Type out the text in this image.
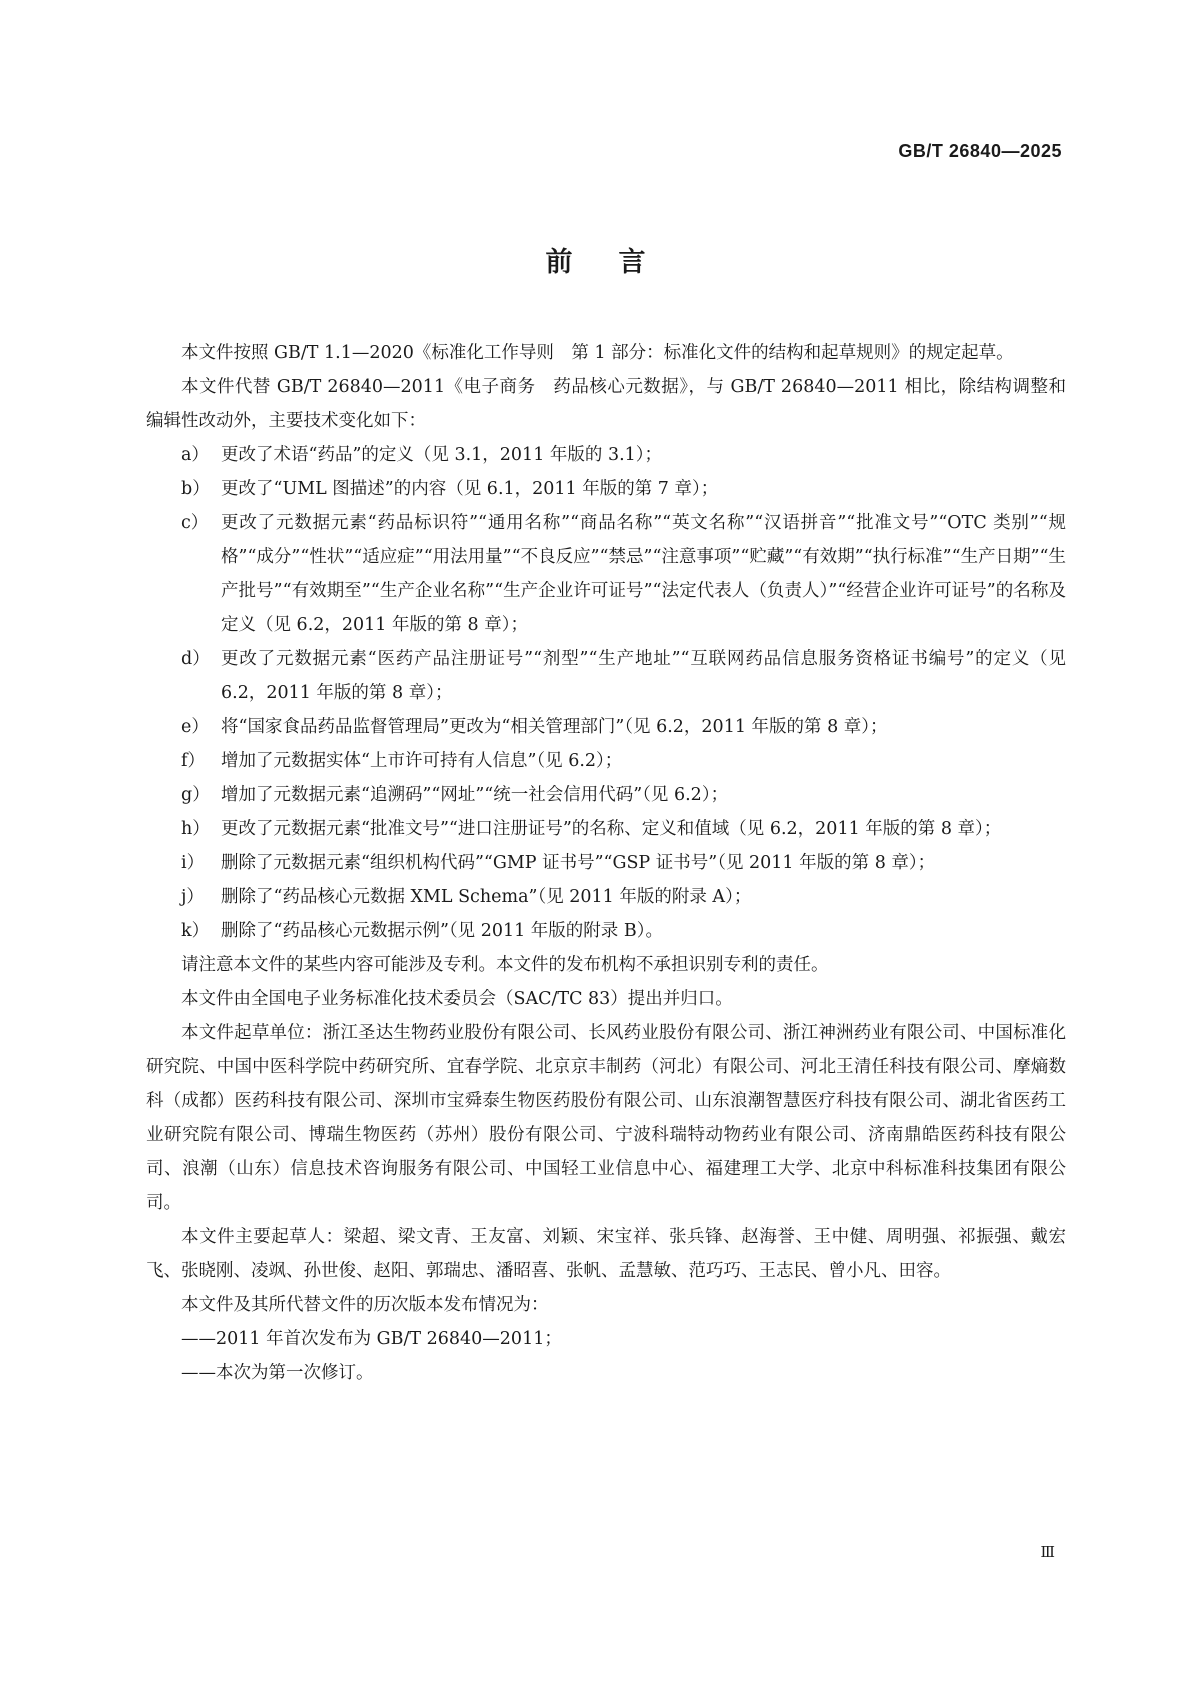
GB/T 26840—2025
前言

本文件按照 GB/T 1.1—2020《标准化工作导则　第 1 部分：标准化文件的结构和起草规则》的规定起草。

本文件代替 GB/T 26840—2011《电子商务　药品核心元数据》，与 GB/T 26840—2011 相比，除结构调整和编辑性改动外，主要技术变化如下：

a） 更改了术语“药品”的定义（见 3.1，2011 年版的 3.1）；
b） 更改了“UML 图描述”的内容（见 6.1，2011 年版的第 7 章）；
c） 更改了元数据元素“药品标识符”“通用名称”“商品名称”“英文名称”“汉语拼音”“批准文号”“OTC 类别”“规格”“成分”“性状”“适应症”“用法用量”“不良反应”“禁忌”“注意事项”“贮藏”“有效期”“执行标准”“生产日期”“生产批号”“有效期至”“生产企业名称”“生产企业许可证号”“法定代表人（负责人）”“经营企业许可证号”的名称及定义（见 6.2，2011 年版的第 8 章）；
d） 更改了元数据元素“医药产品注册证号”“剂型”“生产地址”“互联网药品信息服务资格证书编号”的定义（见 6.2，2011 年版的第 8 章）；
e） 将“国家食品药品监督管理局”更改为“相关管理部门”（见 6.2，2011 年版的第 8 章）；
f） 增加了元数据实体“上市许可持有人信息”（见 6.2）；
g） 增加了元数据元素“追溯码”“网址”“统一社会信用代码”（见 6.2）；
h） 更改了元数据元素“批准文号”“进口注册证号”的名称、定义和值域（见 6.2，2011 年版的第 8 章）；
i） 删除了元数据元素“组织机构代码”“GMP 证书号”“GSP 证书号”（见 2011 年版的第 8 章）；
j） 删除了“药品核心元数据 XML Schema”（见 2011 年版的附录 A）；
k） 删除了“药品核心元数据示例”（见 2011 年版的附录 B）。

请注意本文件的某些内容可能涉及专利。本文件的发布机构不承担识别专利的责任。

本文件由全国电子业务标准化技术委员会（SAC/TC 83）提出并归口。

本文件起草单位：浙江圣达生物药业股份有限公司、长风药业股份有限公司、浙江神洲药业有限公司、中国标准化研究院、中国中医科学院中药研究所、宜春学院、北京京丰制药（河北）有限公司、河北王清任科技有限公司、摩熵数科（成都）医药科技有限公司、深圳市宝舜泰生物医药股份有限公司、山东浪潮智慧医疗科技有限公司、湖北省医药工业研究院有限公司、博瑞生物医药（苏州）股份有限公司、宁波科瑞特动物药业有限公司、济南鼎皓医药科技有限公司、浪潮（山东）信息技术咨询服务有限公司、中国轻工业信息中心、福建理工大学、北京中科标准科技集团有限公司。

本文件主要起草人：梁超、梁文青、王友富、刘颖、宋宝祥、张兵锋、赵海誉、王中健、周明强、祁振强、戴宏飞、张晓刚、凌飒、孙世俊、赵阳、郭瑞忠、潘昭喜、张帆、孟慧敏、范巧巧、王志民、曾小凡、田容。

本文件及其所代替文件的历次版本发布情况为：

——2011 年首次发布为 GB/T 26840—2011；

——本次为第一次修订。

Ⅲ
